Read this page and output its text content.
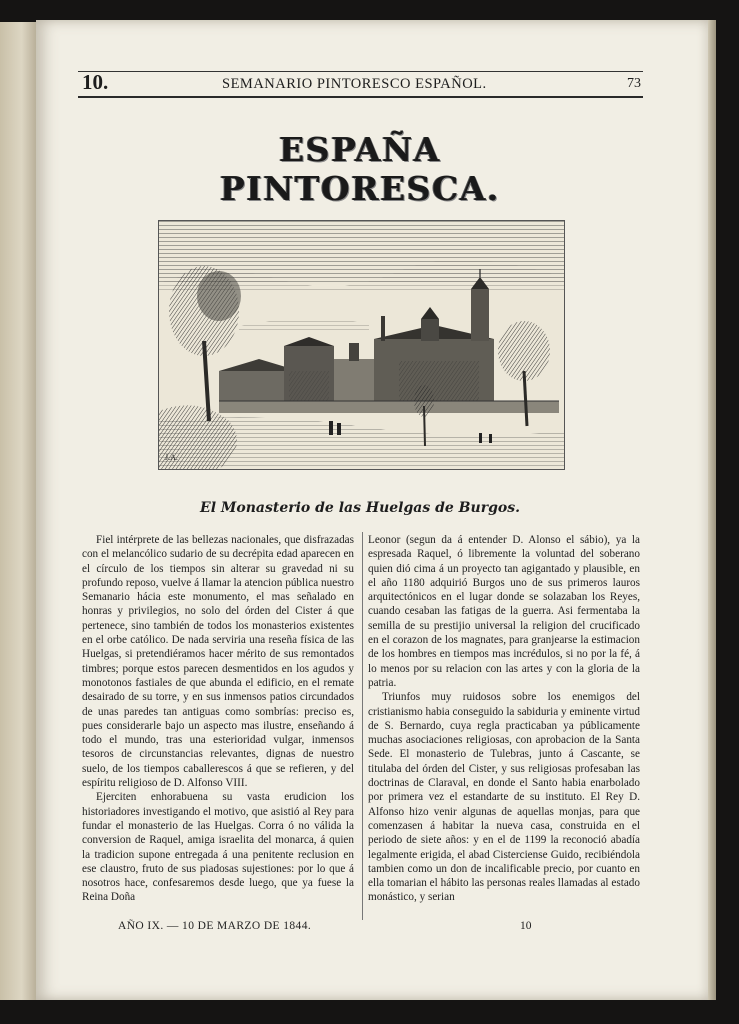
10.	SEMANARIO PINTORESCO ESPAÑOL.	73
ESPAÑA PINTORESCA.
J.A.
El Monasterio de las Huelgas de Burgos.

Fiel intérprete de las bellezas nacionales, que disfrazadas con el melancólico sudario de su decrépita edad aparecen en el círculo de los tiempos sin alterar su gravedad ni su profundo reposo, vuelve á llamar la atencion pública nuestro Semanario hácia este monumento, el mas señalado en honras y privilegios, no solo del órden del Cister á que pertenece, sino también de todos los monasterios existentes en el orbe católico. De nada serviria una reseña física de las Huelgas, si pretendiéramos hacer mérito de sus remontados timbres; porque estos parecen desmentidos en los agudos y monotonos fastiales de que abunda el edificio, en el remate desairado de su torre, y en sus inmensos patios circundados de unas paredes tan antiguas como sombrías: preciso es, pues considerarle bajo un aspecto mas ilustre, enseñando á todo el mundo, tras una esterioridad vulgar, inmensos tesoros de circunstancias relevantes, dignas de nuestro suelo, de los tiempos caballerescos á que se refieren, y del espíritu religioso de D. Alfonso VIII.

Ejerciten enhorabuena su vasta erudicion los historiadores investigando el motivo, que asistió al Rey para fundar el monasterio de las Huelgas. Corra ó no válida la conversion de Raquel, amiga israelita del monarca, á quien la tradicion supone entregada á una penitente reclusion en ese claustro, fruto de sus piadosas sujestiones: por lo que á nosotros hace, confesaremos desde luego, que ya fuese la Reina Doña

Leonor (segun da á entender D. Alonso el sábio), ya la espresada Raquel, ó libremente la voluntad del soberano quien dió cima á un proyecto tan agigantado y plausible, en el año 1180 adquirió Burgos uno de sus primeros lauros arquitectónicos en el lugar donde se solazaban los Reyes, cuando cesaban las fatigas de la guerra. Asi fermentaba la semilla de su prestijio universal la religion del crucificado en el corazon de los magnates, para granjearse la estimacion de los hombres en tiempos mas incrédulos, si no por la fé, á lo menos por su relacion con las artes y con la gloria de la patria.

Triunfos muy ruidosos sobre los enemigos del cristianismo habia conseguido la sabiduria y eminente virtud de S. Bernardo, cuya regla practicaban ya públicamente muchas asociaciones religiosas, con aprobacion de la Santa Sede. El monasterio de Tulebras, junto á Cascante, se titulaba del órden del Cister, y sus religiosas profesaban las doctrinas de Claraval, en donde el Santo habia enarbolado por primera vez el estandarte de su instituto. El Rey D. Alfonso hizo venir algunas de aquellas monjas, para que comenzasen á habitar la nueva casa, construida en el periodo de siete años: y en el de 1199 la reconoció abadía legalmente erigida, el abad Cisterciense Guido, recibiéndola tambien como un don de incalificable precio, por cuanto en ella tomarian el hábito las personas reales llamadas al estado monástico, y serian

AÑO IX. — 10 DE MARZO DE 1844.	10
